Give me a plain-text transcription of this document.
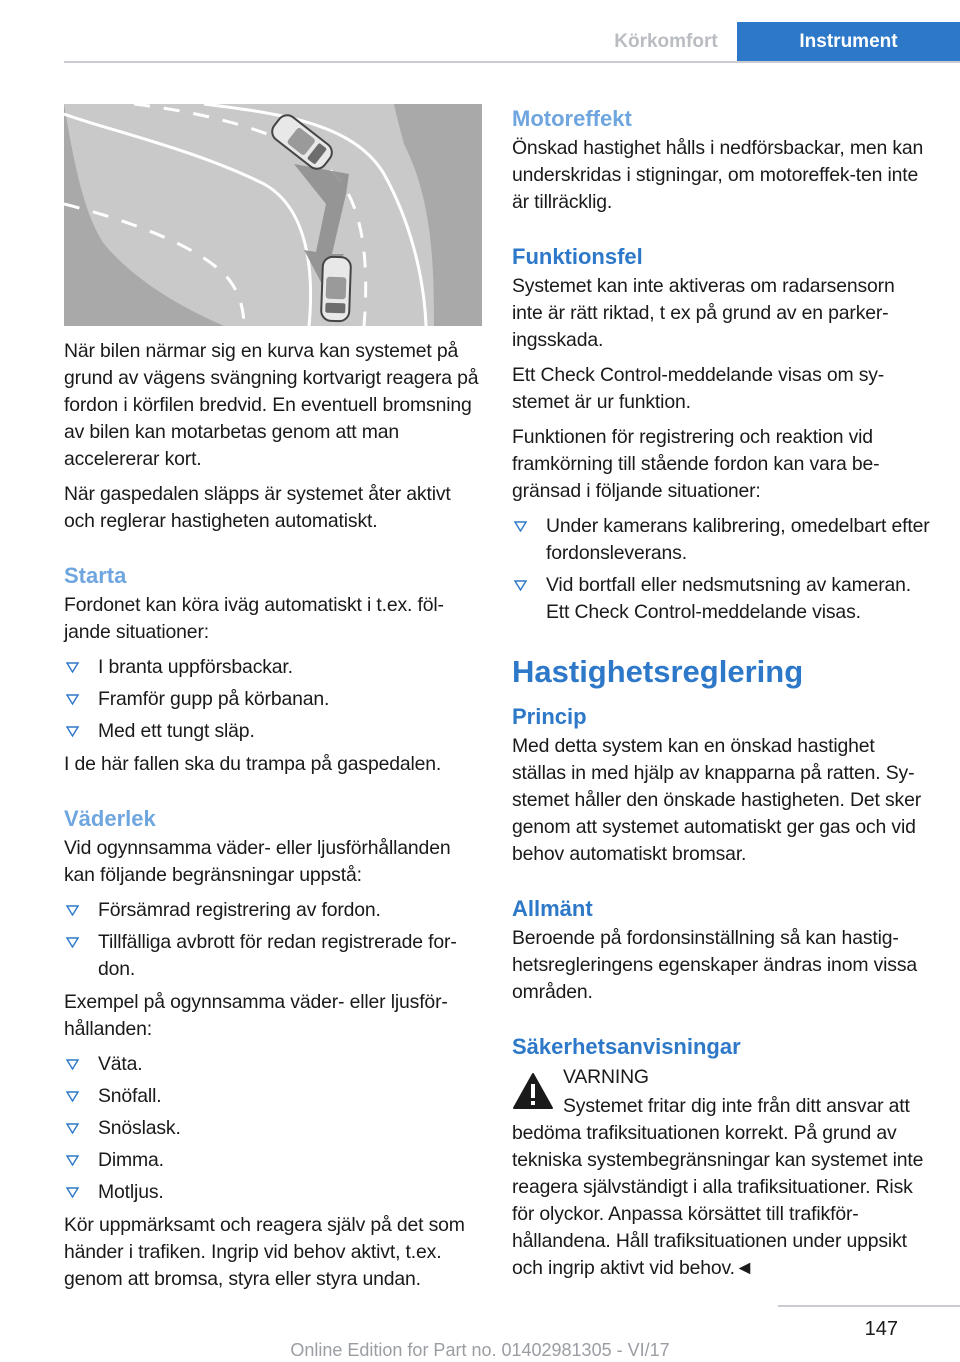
Körkomfort	Instrument

När bilen närmar sig en kurva kan systemet på grund av vägens svängning kortvarigt reagera på fordon i körfilen bredvid. En eventuell bromsning av bilen kan motarbetas genom att man accelererar kort.

När gaspedalen släpps är systemet åter aktivt och reglerar hastigheten automatiskt.

Starta

Fordonet kan köra iväg automatiskt i t.ex. föl‐jande situationer:

I branta uppförsbackar.
Framför gupp på körbanan.
Med ett tungt släp.

I de här fallen ska du trampa på gaspedalen.

Väderlek

Vid ogynnsamma väder- eller ljusförhållanden kan följande begränsningar uppstå:

Försämrad registrering av fordon.
Tillfälliga avbrott för redan registrerade for‐don.

Exempel på ogynnsamma väder- eller ljusför‐hållanden:

Väta.
Snöfall.
Snöslask.
Dimma.
Motljus.

Kör uppmärksamt och reagera själv på det som händer i trafiken. Ingrip vid behov aktivt, t.ex. genom att bromsa, styra eller styra undan.

Motoreffekt

Önskad hastighet hålls i nedförsbackar, men kan underskridas i stigningar, om motoreffek‐ten inte är tillräcklig.

Funktionsfel

Systemet kan inte aktiveras om radarsensorn inte är rätt riktad, t ex på grund av en parker‐ingsskada.

Ett Check Control-meddelande visas om sy‐stemet är ur funktion.

Funktionen för registrering och reaktion vid framkörning till stående fordon kan vara be‐gränsad i följande situationer:

Under kamerans kalibrering, omedelbart efter fordonsleverans.
Vid bortfall eller nedsmutsning av kameran. Ett Check Control-meddelande visas.
Hastighetsreglering
Princip

Med detta system kan en önskad hastighet ställas in med hjälp av knapparna på ratten. Sy‐stemet håller den önskade hastigheten. Det sker genom att systemet automatiskt ger gas och vid behov automatiskt bromsar.

Allmänt

Beroende på fordonsinställning så kan hastig‐hetsregleringens egenskaper ändras inom vissa områden.

Säkerhetsanvisningar

VARNING

Systemet fritar dig inte från ditt ansvar att bedöma trafiksituationen korrekt. På grund av tekniska systembegränsningar kan systemet inte reagera självständigt i alla trafiksituationer. Risk för olyckor. Anpassa körsättet till trafikför‐hållandena. Håll trafiksituationen under uppsikt och ingrip aktivt vid behov.◄

147
Online Edition for Part no. 01402981305 - VI/17
